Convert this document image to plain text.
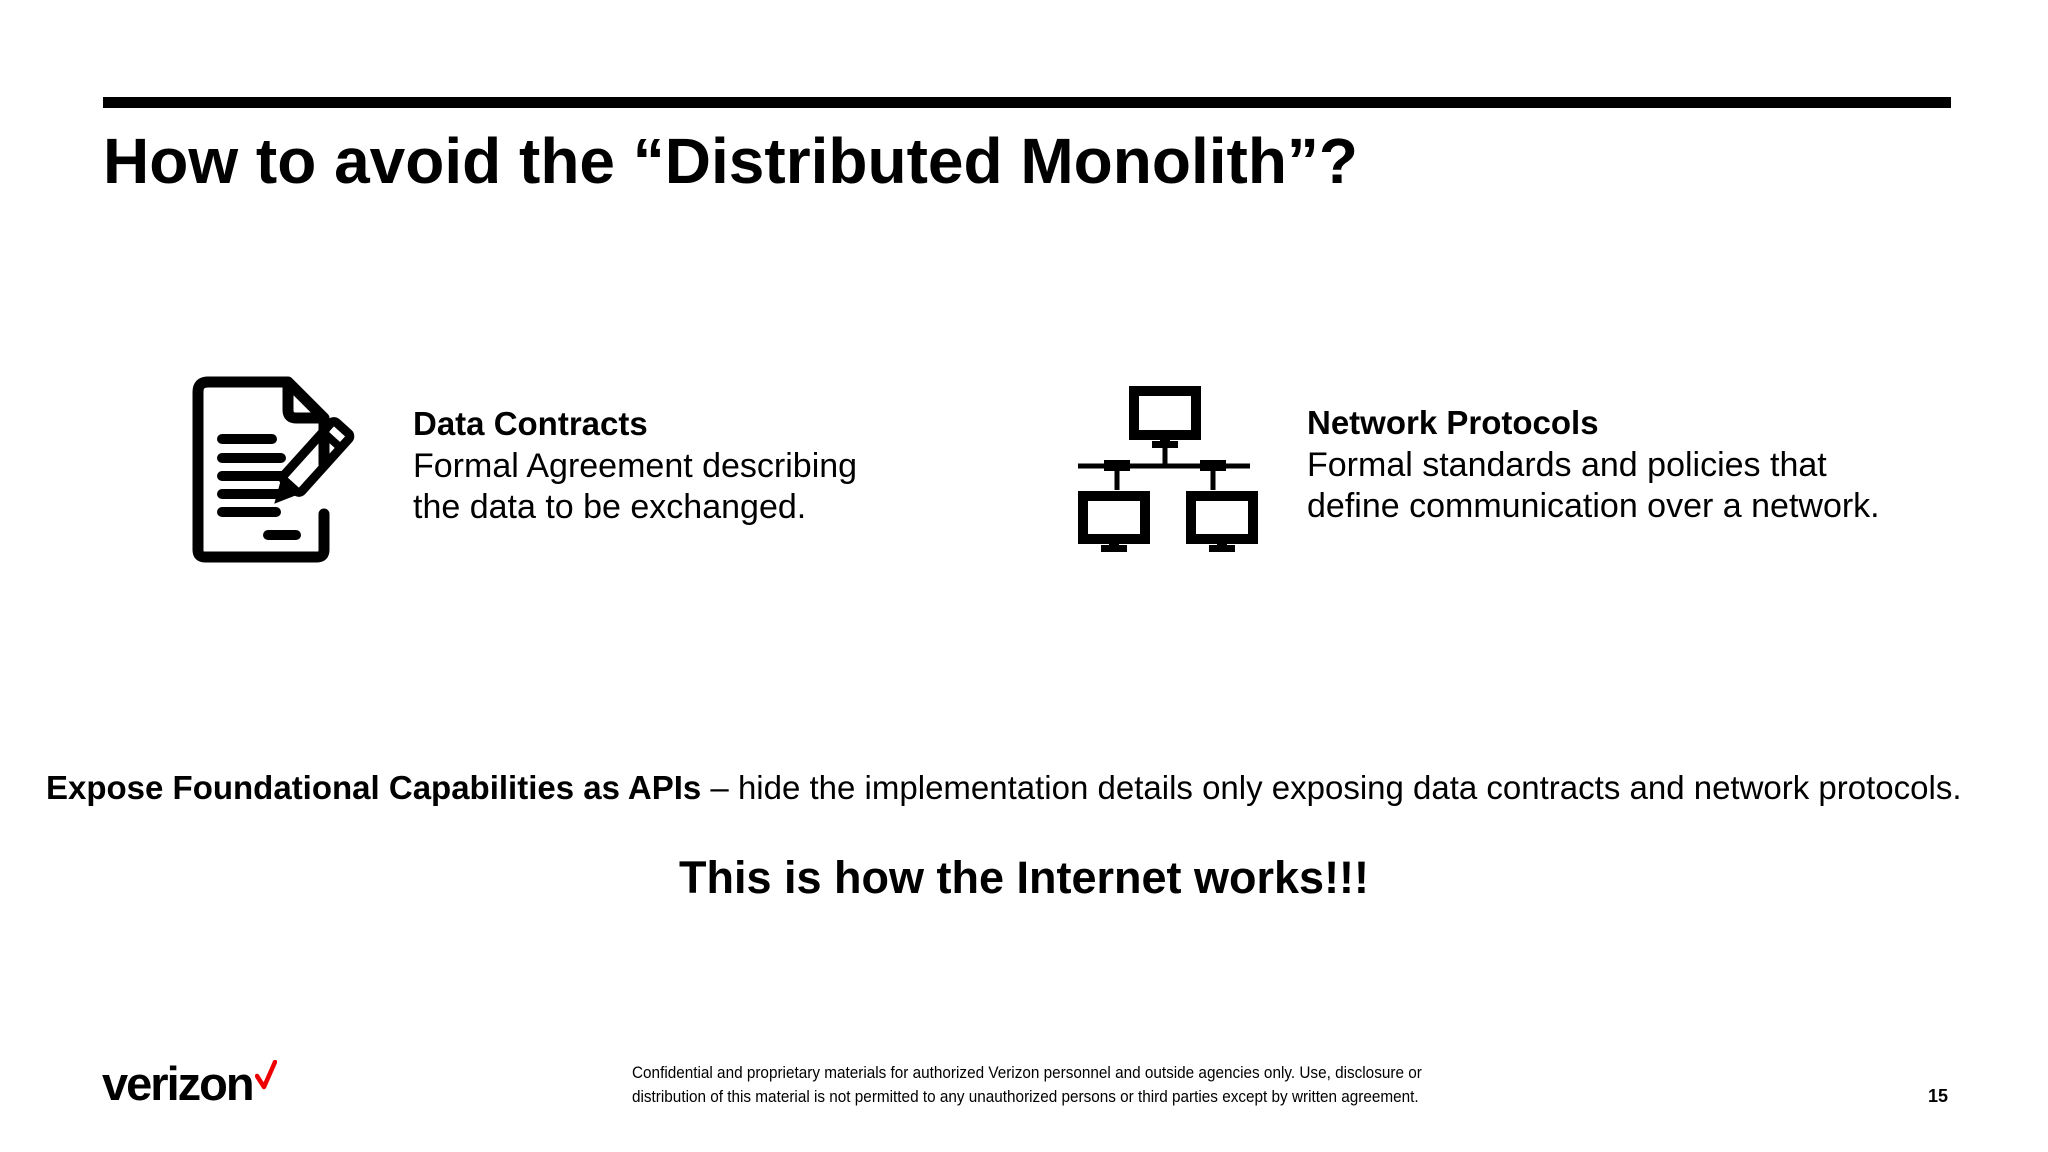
How to avoid the “Distributed Monolith”?
Data Contracts
Formal Agreement describing
the data to be exchanged.
Network Protocols
Formal standards and policies that
define communication over a network.
Expose Foundational Capabilities as APIs – hide the implementation details only exposing data contracts and network protocols.
This is how the Internet works!!!
verizon	Confidential and proprietary materials for authorized Verizon personnel and outside agencies only. Use, disclosure or
distribution of this material is not permitted to any unauthorized persons or third parties except by written agreement.	15
